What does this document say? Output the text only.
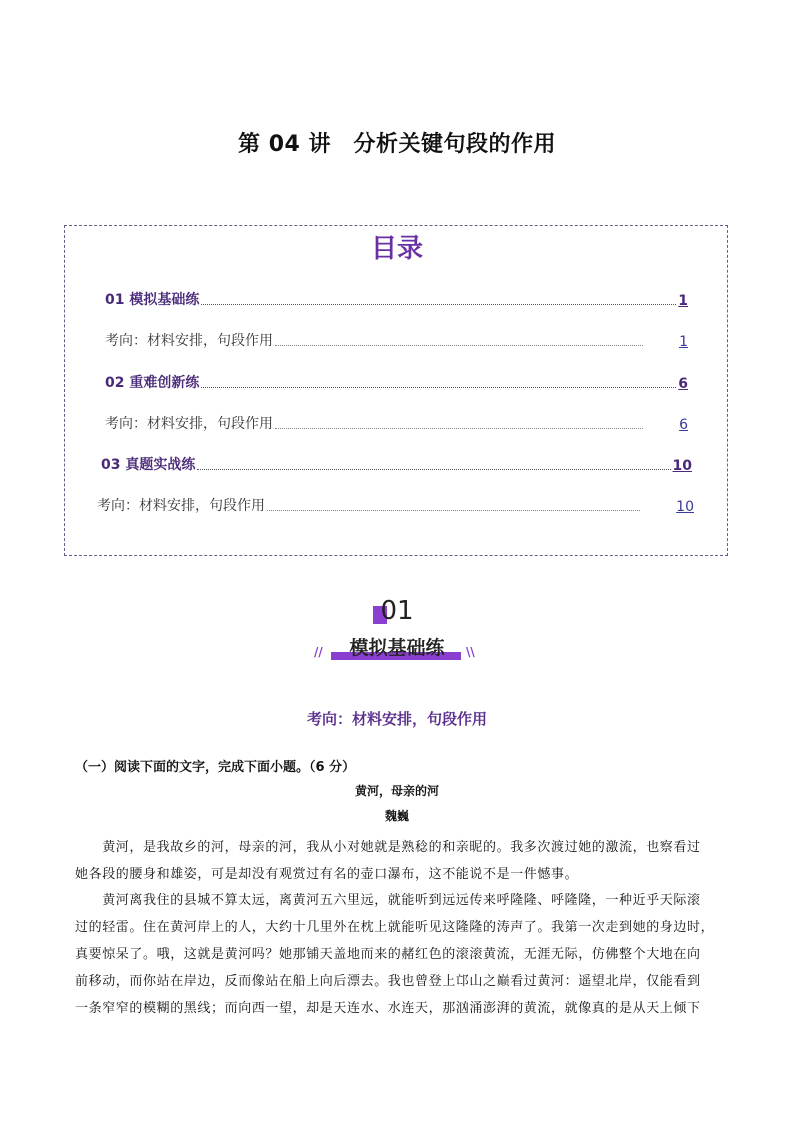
第 04 讲　分析关键句段的作用
目录
01 模拟基础练	1
考向：材料安排，句段作用	1
02 重难创新练	6
考向：材料安排，句段作用	6
03 真题实战练	10
考向：材料安排，句段作用	10
01
模拟基础练
//	\\
考向：材料安排，句段作用
（一）阅读下面的文字，完成下面小题。（6 分）
黄河，母亲的河
魏巍
　　黄河，是我故乡的河，母亲的河，我从小对她就是熟稔的和亲昵的。我多次渡过她的激流，也察看过
她各段的腰身和雄姿，可是却没有观赏过有名的壶口瀑布，这不能说不是一件憾事。
　　黄河离我住的县城不算太远，离黄河五六里远，就能听到远远传来呼隆隆、呼隆隆，一种近乎天际滚
过的轻雷。住在黄河岸上的人，大约十几里外在枕上就能听见这隆隆的涛声了。我第一次走到她的身边时，
真要惊呆了。哦，这就是黄河吗？她那铺天盖地而来的赭红色的滚滚黄流，无涯无际，仿佛整个大地在向
前移动，而你站在岸边，反而像站在船上向后漂去。我也曾登上邙山之巅看过黄河：遥望北岸，仅能看到
一条窄窄的模糊的黑线；而向西一望，却是天连水、水连天，那汹涌澎湃的黄流，就像真的是从天上倾下
